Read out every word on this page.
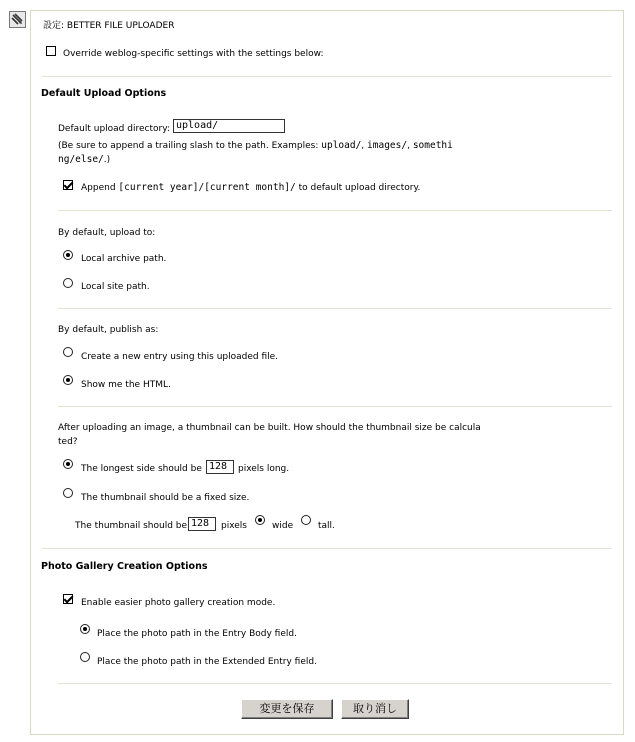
設定: BETTER FILE UPLOADER
Override weblog-specific settings with the settings below:
Default Upload Options
Default upload directory: upload/
(Be sure to append a trailing slash to the path. Examples: upload/, images/, somethi
ng/else/.)
Append [current year]/[current month]/ to default upload directory.
By default, upload to:
Local archive path.
Local site path.
By default, publish as:
Create a new entry using this uploaded file.
Show me the HTML.
After uploading an image, a thumbnail can be built. How should the thumbnail size be calcula
ted?
The longest side should be 128	pixels long.
The thumbnail should be a fixed size.
The thumbnail should be 128	pixels	wide	tall.
Photo Gallery Creation Options
Enable easier photo gallery creation mode.
Place the photo path in the Entry Body field.
Place the photo path in the Extended Entry field.
変更を保存	取り消し
